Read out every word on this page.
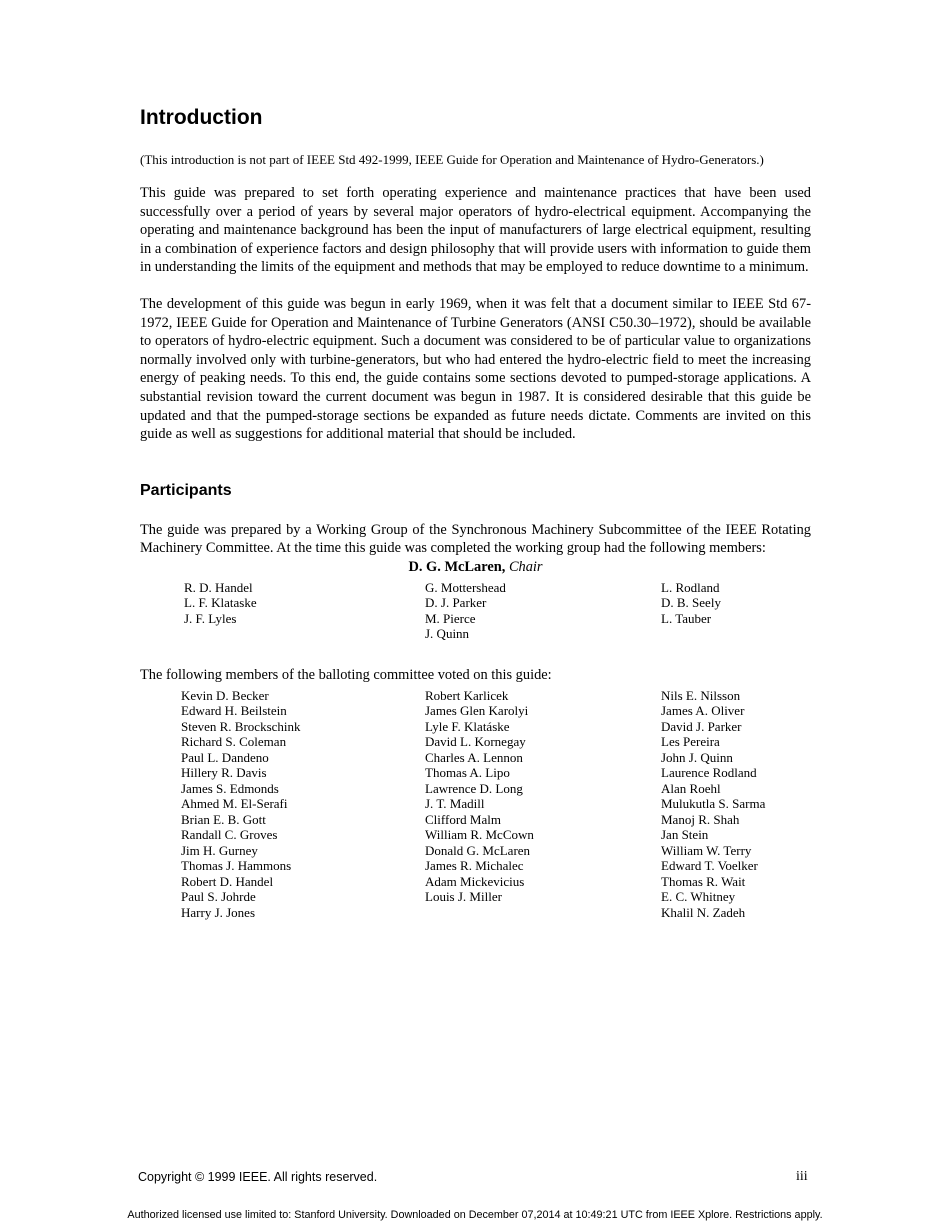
Introduction
(This introduction is not part of IEEE Std 492-1999, IEEE Guide for Operation and Maintenance of Hydro-Generators.)

This guide was prepared to set forth operating experience and maintenance practices that have been used successfully over a period of years by several major operators of hydro-electrical equipment. Accompanying the operating and maintenance background has been the input of manufacturers of large electrical equipment, resulting in a combination of experience factors and design philosophy that will provide users with information to guide them in understanding the limits of the equipment and methods that may be employed to reduce downtime to a minimum.

The development of this guide was begun in early 1969, when it was felt that a document similar to IEEE Std 67-1972, IEEE Guide for Operation and Maintenance of Turbine Generators (ANSI C50.30–1972), should be available to operators of hydro-electric equipment. Such a document was considered to be of particular value to organizations normally involved only with turbine-generators, but who had entered the hydro-electric field to meet the increasing energy of peaking needs. To this end, the guide contains some sections devoted to pumped-storage applications. A substantial revision toward the current document was begun in 1987. It is considered desirable that this guide be updated and that the pumped-storage sections be expanded as future needs dictate. Comments are invited on this guide as well as suggestions for additional material that should be included.

Participants

The guide was prepared by a Working Group of the Synchronous Machinery Subcommittee of the IEEE Rotating Machinery Committee. At the time this guide was completed the working group had the following members:

D. G. McLaren, Chair
R. D. Handel
L. F. Klataske
J. F. Lyles
G. Mottershead
D. J. Parker
M. Pierce
J. Quinn
L. Rodland
D. B. Seely
L. Tauber
The following members of the balloting committee voted on this guide:
Kevin D. Becker
Edward H. Beilstein
Steven R. Brockschink
Richard S. Coleman
Paul L. Dandeno
Hillery R. Davis
James S. Edmonds
Ahmed M. El-Serafi
Brian E. B. Gott
Randall C. Groves
Jim H. Gurney
Thomas J. Hammons
Robert D. Handel
Paul S. Johrde
Harry J. Jones
Robert Karlicek
James Glen Karolyi
Lyle F. Klatáske
David L. Kornegay
Charles A. Lennon
Thomas A. Lipo
Lawrence D. Long
J. T. Madill
Clifford Malm
William R. McCown
Donald G. McLaren
James R. Michalec
Adam Mickevicius
Louis J. Miller
Nils E. Nilsson
James A. Oliver
David J. Parker
Les Pereira
John J. Quinn
Laurence Rodland
Alan Roehl
Mulukutla S. Sarma
Manoj R. Shah
Jan Stein
William W. Terry
Edward T. Voelker
Thomas R. Wait
E. C. Whitney
Khalil N. Zadeh
Copyright © 1999 IEEE. All rights reserved.	iii
Authorized licensed use limited to: Stanford University. Downloaded on December 07,2014 at 10:49:21 UTC from IEEE Xplore. Restrictions apply.
